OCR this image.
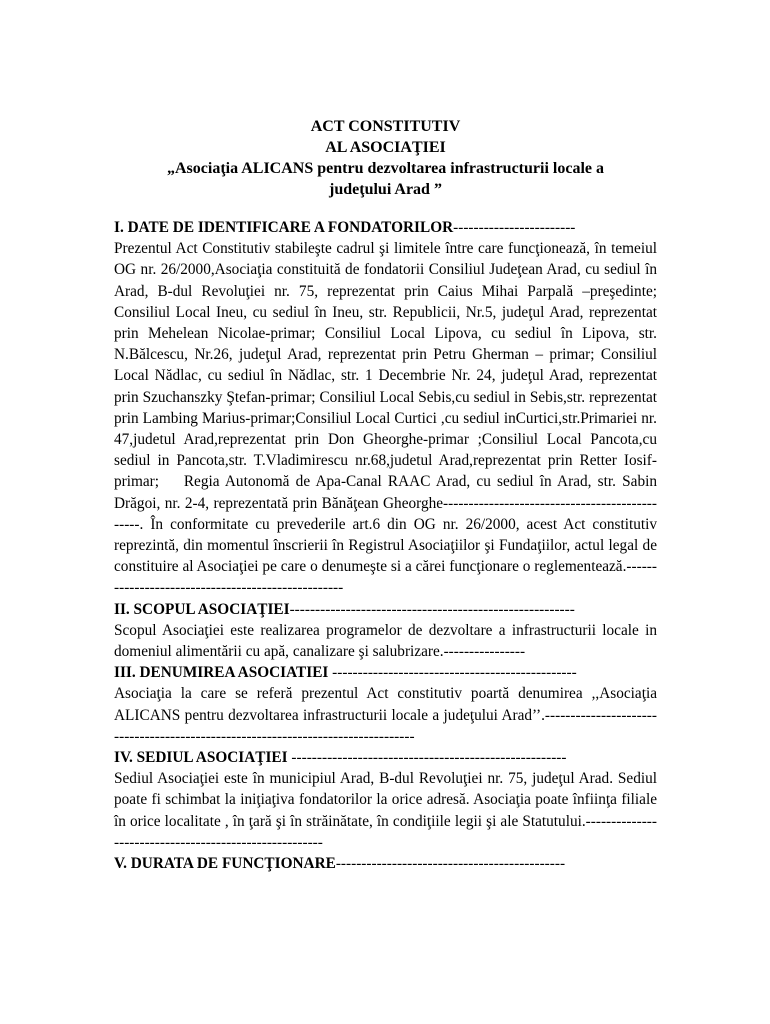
ACT CONSTITUTIV

AL ASOCIAŢIEI

„Asociaţia ALICANS pentru dezvoltarea infrastructurii locale a

judeţului Arad ”

I. DATE DE IDENTIFICARE A FONDATORILOR------------------------

Prezentul Act Constitutiv stabileşte cadrul şi limitele între care funcţionează, în temeiul OG nr. 26/2000,Asociaţia constituită de fondatorii Consiliul Judeţean Arad, cu sediul în Arad, B-dul Revoluţiei nr. 75, reprezentat prin Caius Mihai Parpală –preşedinte; Consiliul Local Ineu, cu sediul în Ineu, str. Republicii, Nr.5, judeţul Arad, reprezentat prin Mehelean Nicolae-primar; Consiliul Local Lipova, cu sediul în Lipova, str. N.Bălcescu, Nr.26, judeţul Arad, reprezentat prin Petru Gherman – primar; Consiliul Local Nădlac, cu sediul în Nădlac, str. 1 Decembrie Nr. 24, judeţul Arad, reprezentat prin Szuchanszky Ştefan-primar; Consiliul Local Sebis,cu sediul in Sebis,str. reprezentat prin Lambing Marius-primar;Consiliul Local Curtici ,cu sediul inCurtici,str.Primariei nr. 47,judetul Arad,reprezentat prin Don Gheorghe-primar ;Consiliul Local Pancota,cu sediul in Pancota,str. T.Vladimirescu nr.68,judetul Arad,reprezentat prin Retter Iosif-primar;    Regia Autonomă de Apa-Canal RAAC Arad, cu sediul în Arad, str. Sabin Drăgoi, nr. 2-4, reprezentată prin Bănăţean Gheorghe-----------------------------------------------. În conformitate cu prevederile art.6 din OG nr. 26/2000, acest Act constitutiv reprezintă, din momentul înscrierii în Registrul Asociaţiilor şi Fundaţiilor, actul legal de constituire al Asociaţiei pe care o denumeşte si a cărei funcţionare o reglementează.---------------------------------------------------

II. SCOPUL ASOCIAŢIEI--------------------------------------------------------

Scopul Asociaţiei este realizarea programelor de dezvoltare a infrastructurii locale in domeniul alimentării cu apă, canalizare şi salubrizare.----------------

III. DENUMIREA ASOCIATIEI ------------------------------------------------

Asociaţia la care se referă prezentul Act constitutiv poartă denumirea ,,Asociaţia ALICANS pentru dezvoltarea infrastructurii locale a judeţului Arad’’.---------------------------------------------------------------------------------

IV. SEDIUL ASOCIAŢIEI ------------------------------------------------------

Sediul Asociaţiei este în municipiul Arad, B-dul Revoluţiei nr. 75, judeţul Arad. Sediul poate fi schimbat la iniţiaţiva fondatorilor la orice adresă. Asociaţia poate înfiinţa filiale în orice localitate , în ţară şi în străinătate, în condiţiile legii şi ale Statutului.-------------------------------------------------------

V. DURATA DE FUNCŢIONARE---------------------------------------------
